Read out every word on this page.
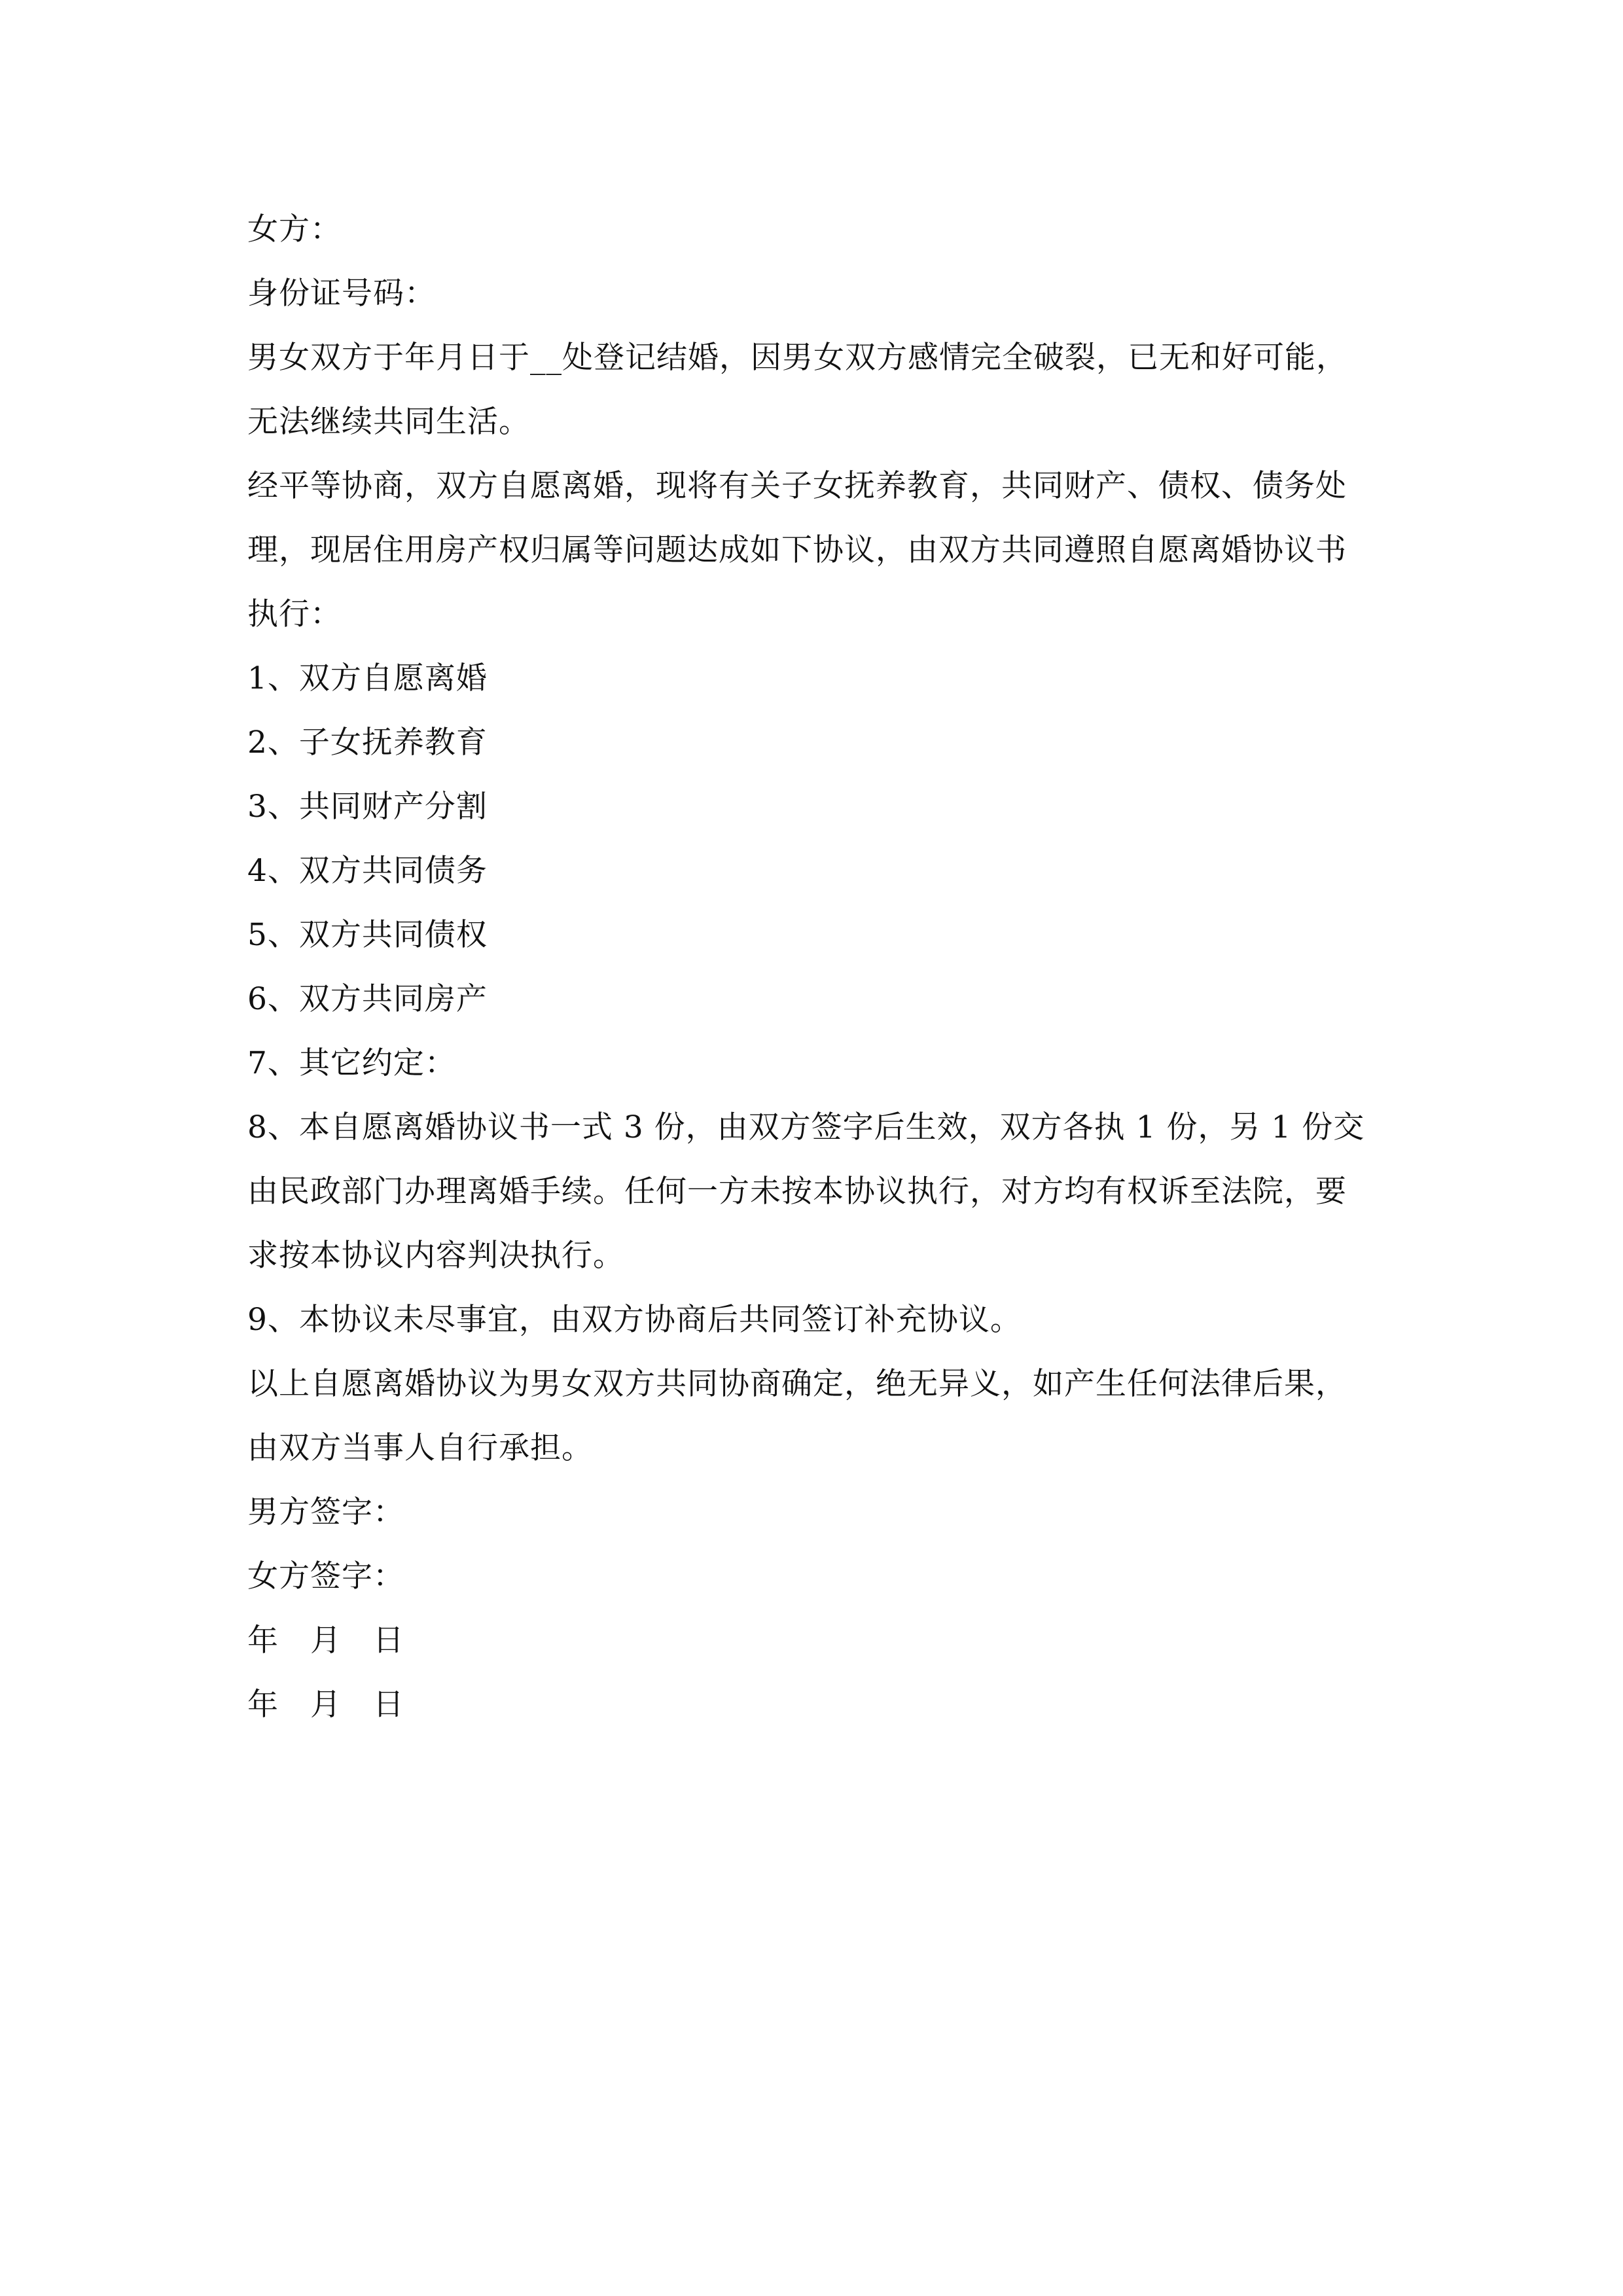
女方：
身份证号码：
男女双方于年月日于__处登记结婚，因男女双方感情完全破裂，已无和好可能，
无法继续共同生活。
经平等协商，双方自愿离婚，现将有关子女抚养教育，共同财产、债权、债务处
理，现居住用房产权归属等问题达成如下协议，由双方共同遵照自愿离婚协议书
执行：
1、双方自愿离婚
2、子女抚养教育
3、共同财产分割
4、双方共同债务
5、双方共同债权
6、双方共同房产
7、其它约定：
8、本自愿离婚协议书一式 3 份，由双方签字后生效，双方各执 1 份，另 1 份交
由民政部门办理离婚手续。任何一方未按本协议执行，对方均有权诉至法院，要
求按本协议内容判决执行。
9、本协议未尽事宜，由双方协商后共同签订补充协议。
以上自愿离婚协议为男女双方共同协商确定，绝无异义，如产生任何法律后果，
由双方当事人自行承担。
男方签字：
女方签字：
年 月 日
年 月 日
